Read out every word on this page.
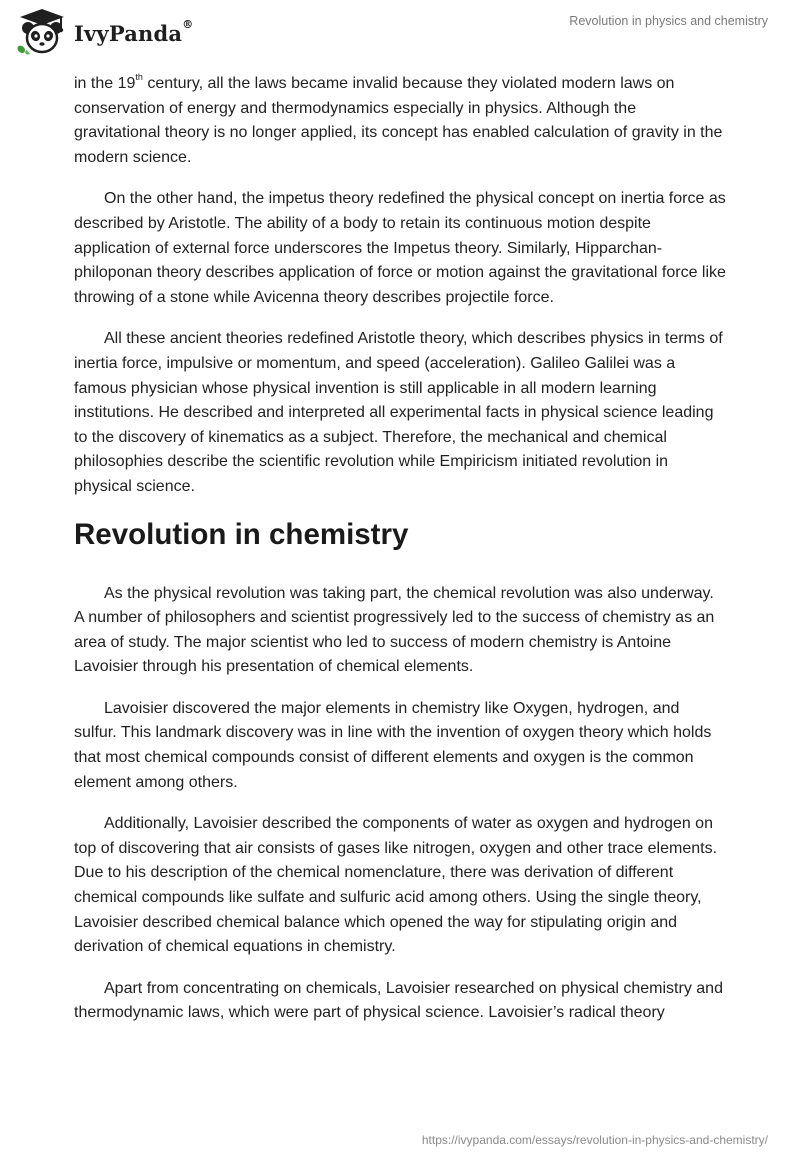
IvyPanda®	Revolution in physics and chemistry

in the 19th century, all the laws became invalid because they violated modern laws on conservation of energy and thermodynamics especially in physics. Although the gravitational theory is no longer applied, its concept has enabled calculation of gravity in the modern science.

On the other hand, the impetus theory redefined the physical concept on inertia force as described by Aristotle. The ability of a body to retain its continuous motion despite application of external force underscores the Impetus theory. Similarly, Hipparchan-philoponan theory describes application of force or motion against the gravitational force like throwing of a stone while Avicenna theory describes projectile force.

All these ancient theories redefined Aristotle theory, which describes physics in terms of inertia force, impulsive or momentum, and speed (acceleration). Galileo Galilei was a famous physician whose physical invention is still applicable in all modern learning institutions. He described and interpreted all experimental facts in physical science leading to the discovery of kinematics as a subject. Therefore, the mechanical and chemical philosophies describe the scientific revolution while Empiricism initiated revolution in physical science.

Revolution in chemistry

As the physical revolution was taking part, the chemical revolution was also underway. A number of philosophers and scientist progressively led to the success of chemistry as an area of study. The major scientist who led to success of modern chemistry is Antoine Lavoisier through his presentation of chemical elements.

Lavoisier discovered the major elements in chemistry like Oxygen, hydrogen, and sulfur. This landmark discovery was in line with the invention of oxygen theory which holds that most chemical compounds consist of different elements and oxygen is the common element among others.

Additionally, Lavoisier described the components of water as oxygen and hydrogen on top of discovering that air consists of gases like nitrogen, oxygen and other trace elements. Due to his description of the chemical nomenclature, there was derivation of different chemical compounds like sulfate and sulfuric acid among others. Using the single theory, Lavoisier described chemical balance which opened the way for stipulating origin and derivation of chemical equations in chemistry.

Apart from concentrating on chemicals, Lavoisier researched on physical chemistry and thermodynamic laws, which were part of physical science. Lavoisier’s radical theory

https://ivypanda.com/essays/revolution-in-physics-and-chemistry/
